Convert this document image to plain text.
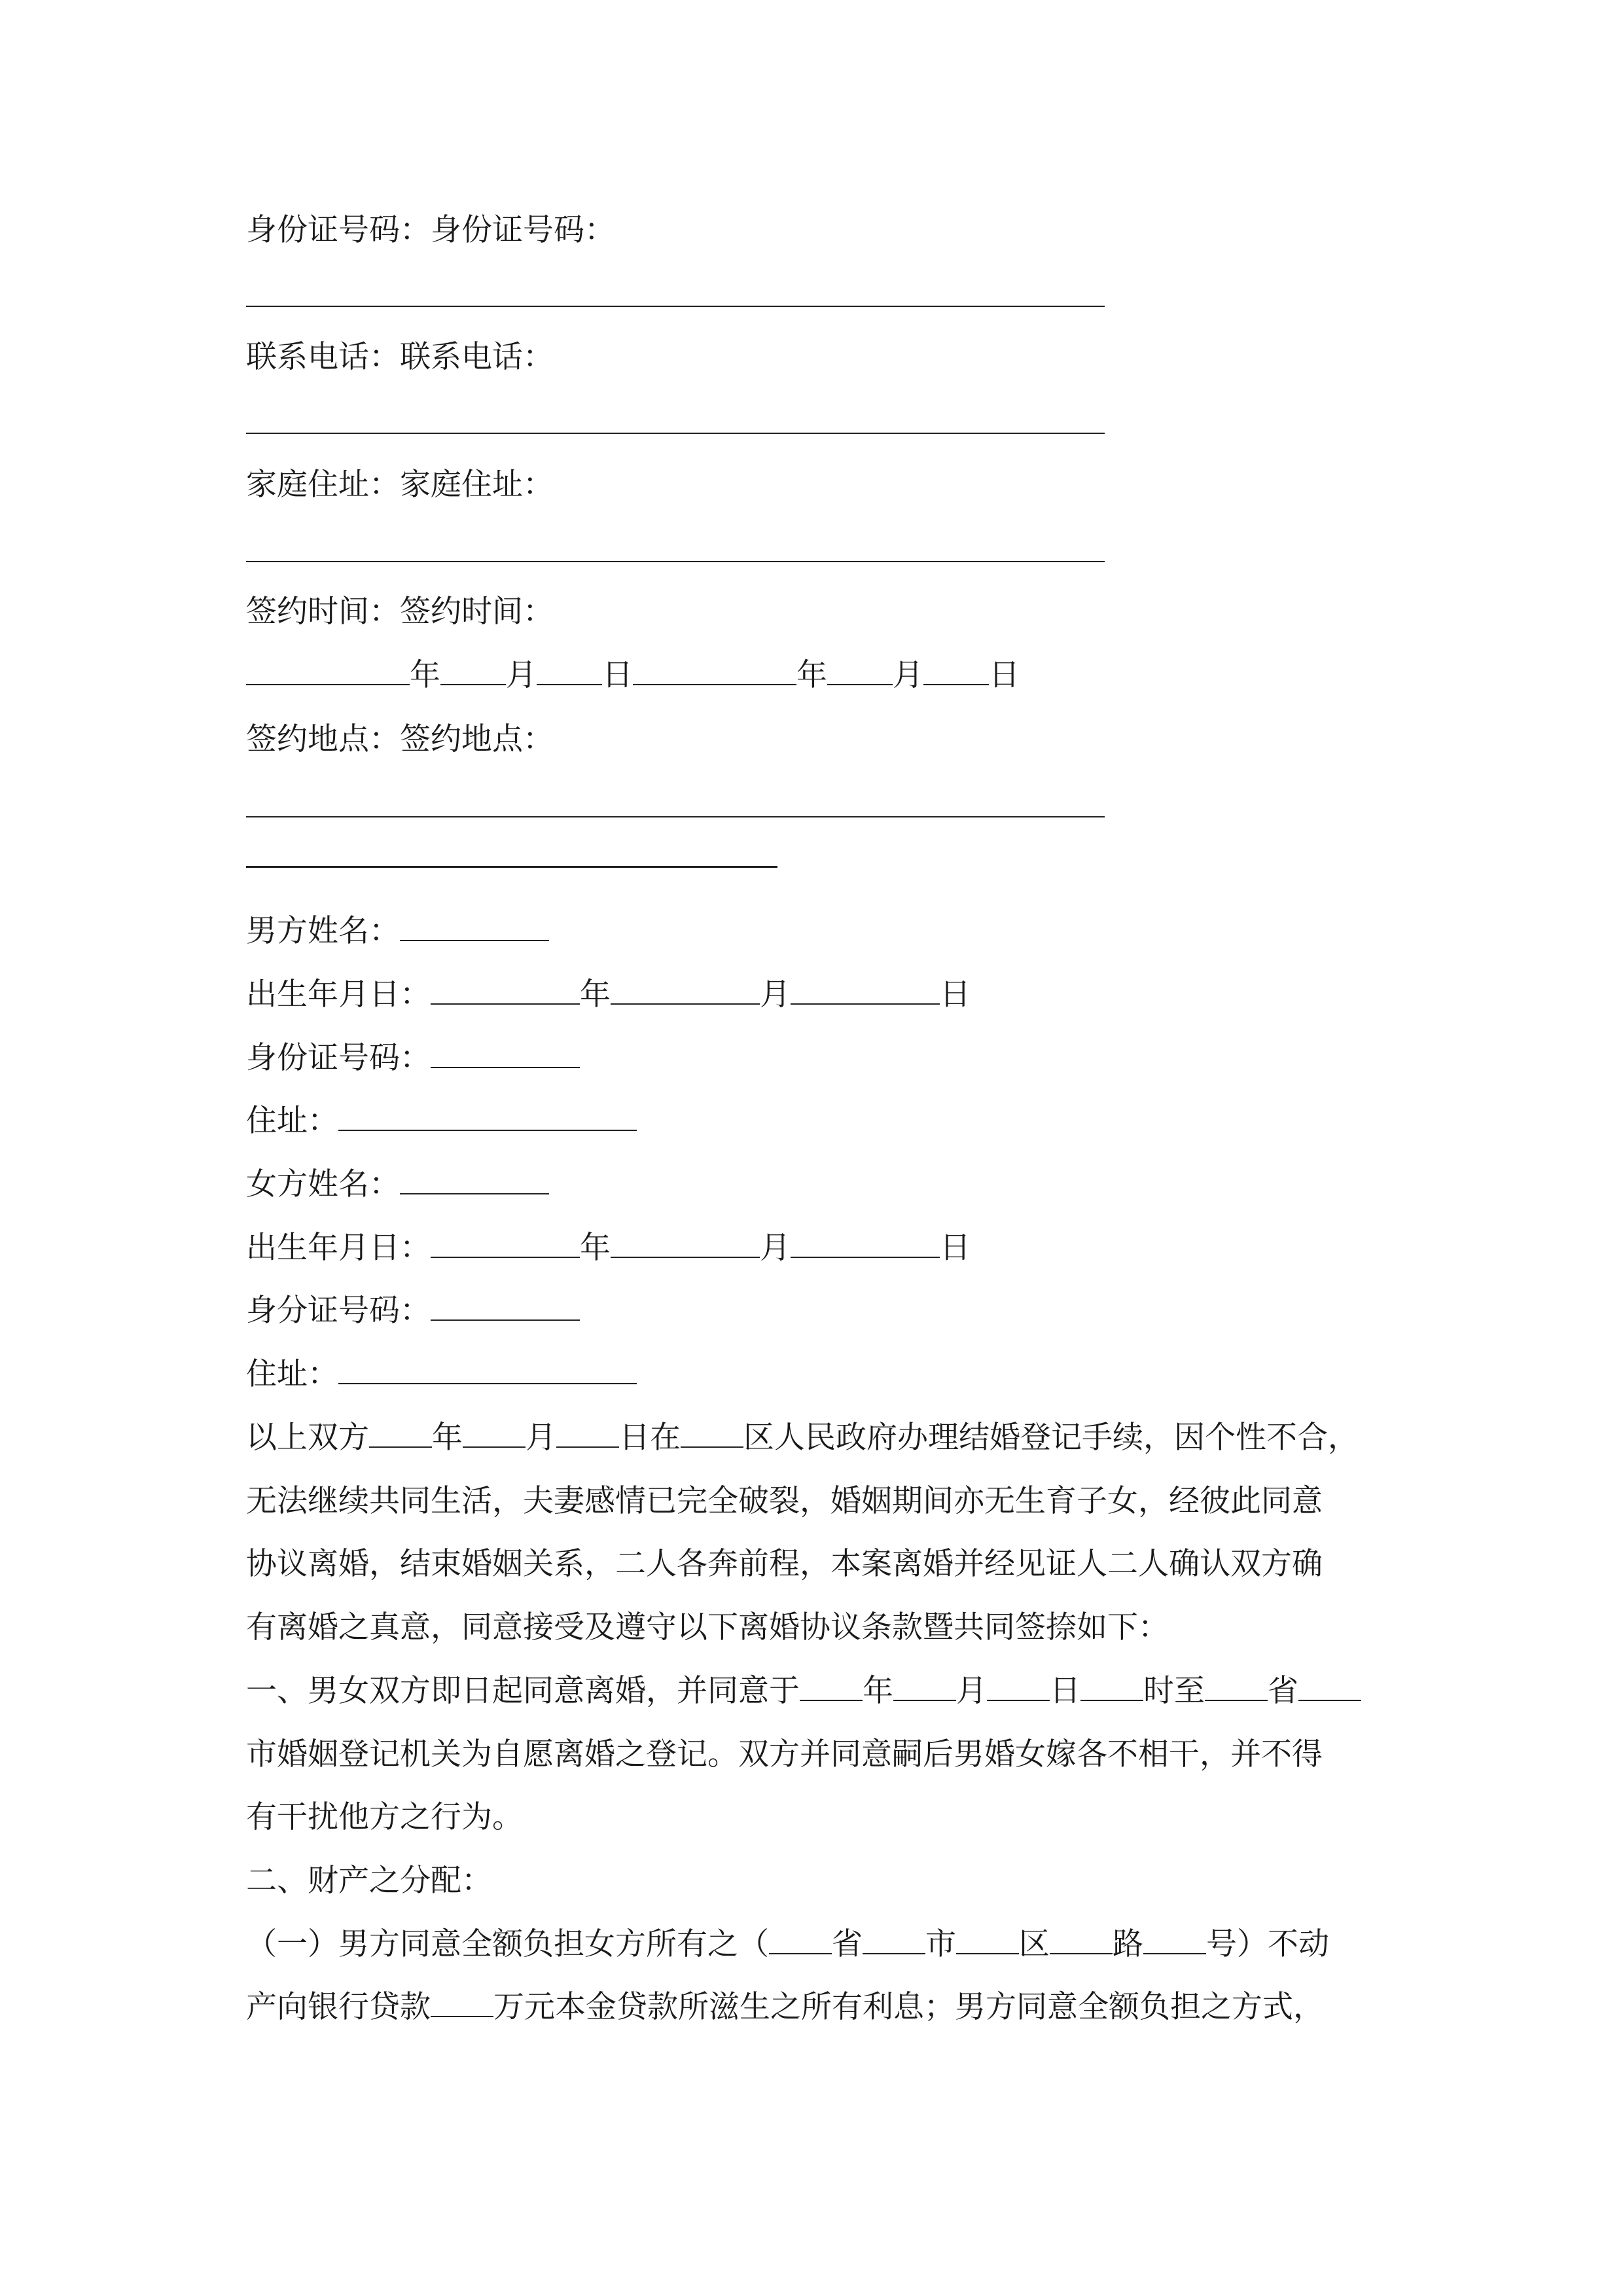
身份证号码：身份证号码：
联系电话：联系电话：
家庭住址：家庭住址：
签约时间：签约时间：
年 月 日	年 月 日
签约地点：签约地点：
男方姓名：
出生年月日：	年	月	日
身份证号码：
住址：
女方姓名：
出生年月日：	年	月	日
身分证号码：
住址：
以上双方 年 月 日在 区人民政府办理结婚登记手续，因个性不合，
无法继续共同生活，夫妻感情已完全破裂，婚姻期间亦无生育子女，经彼此同意
协议离婚，结束婚姻关系，二人各奔前程，本案离婚并经见证人二人确认双方确
有离婚之真意，同意接受及遵守以下离婚协议条款暨共同签捺如下：
一、男女双方即日起同意离婚，并同意于 年 月 日 时至 省
市婚姻登记机关为自愿离婚之登记。双方并同意嗣后男婚女嫁各不相干，并不得
有干扰他方之行为。
二、财产之分配：
（一）男方同意全额负担女方所有之（ 省 市 区 路 号）不动
产向银行贷款 万元本金贷款所滋生之所有利息；男方同意全额负担之方式，
